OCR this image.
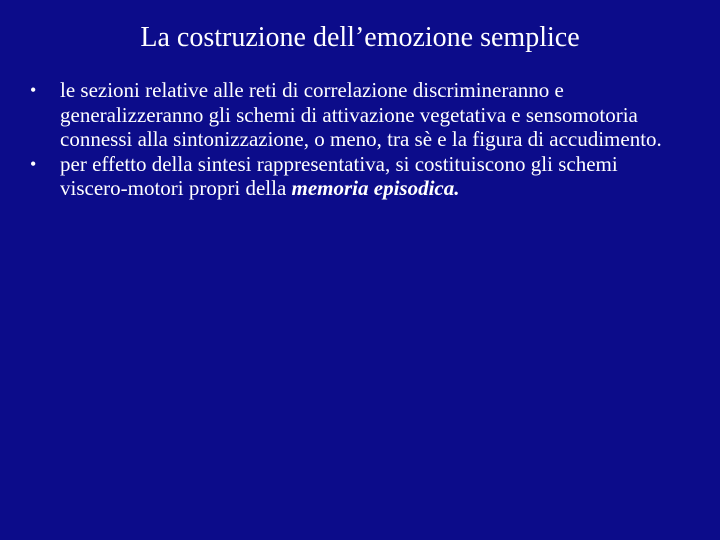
La costruzione dell’emozione semplice
•	le sezioni relative alle reti di correlazione discrimineranno e generalizzeranno gli schemi di attivazione vegetativa e sensomotoria connessi alla sintonizzazione, o meno, tra sè e la figura di accudimento.
•	per effetto della sintesi rappresentativa, si costituiscono gli schemi viscero-motori propri della memoria episodica.
